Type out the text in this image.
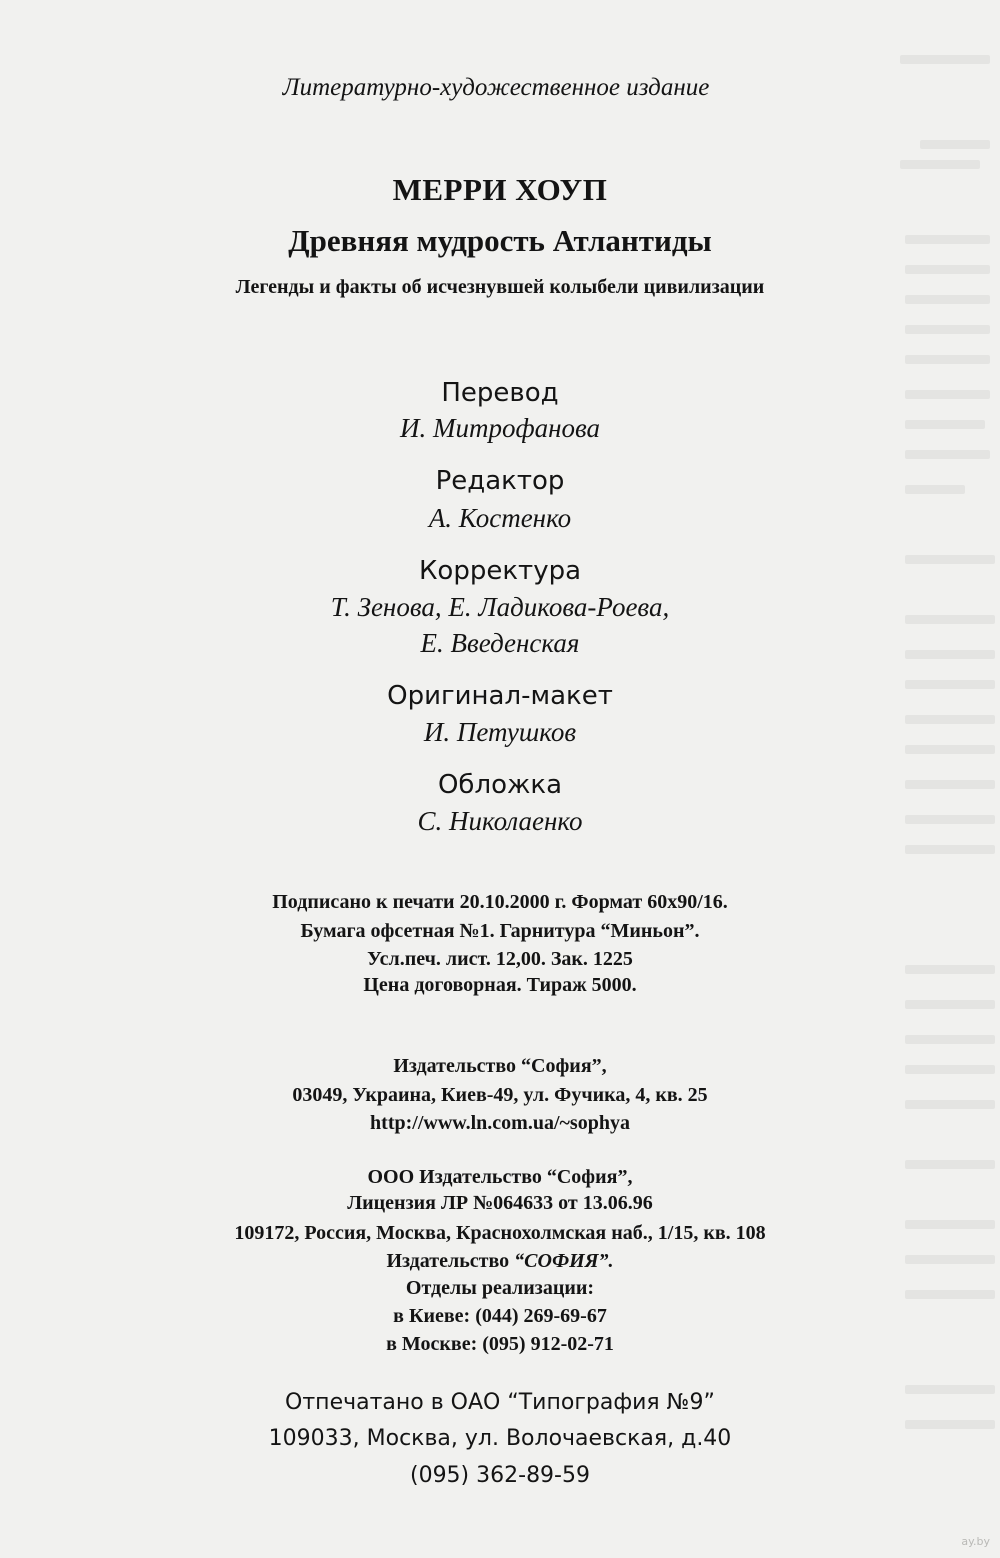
Литературно-художественное издание
МЕРРИ ХОУП
Древняя мудрость Атлантиды
Легенды и факты об исчезнувшей колыбели цивилизации
Перевод
И. Митрофанова
Редактор
А. Костенко
Корректура
Т. Зенова, Е. Ладикова-Роева,
Е. Введенская
Оригинал-макет
И. Петушков
Обложка
С. Николаенко
Подписано к печати 20.10.2000 г. Формат 60х90/16.
Бумага офсетная №1. Гарнитура “Миньон”.
Усл.печ. лист. 12,00. Зак. 1225
Цена договорная. Тираж 5000.
Издательство “София”,
03049, Украина, Киев-49, ул. Фучика, 4, кв. 25
http://www.ln.com.ua/~sophya
ООО Издательство “София”,
Лицензия ЛР №064633 от 13.06.96
109172, Россия, Москва, Краснохолмская наб., 1/15, кв. 108
Издательство “СОФИЯ”.
Отделы реализации:
в Киеве: (044) 269-69-67
в Москве: (095) 912-02-71
Отпечатано в ОАО “Типография №9”
109033, Москва, ул. Волочаевская, д.40
(095) 362-89-59
ay.by
